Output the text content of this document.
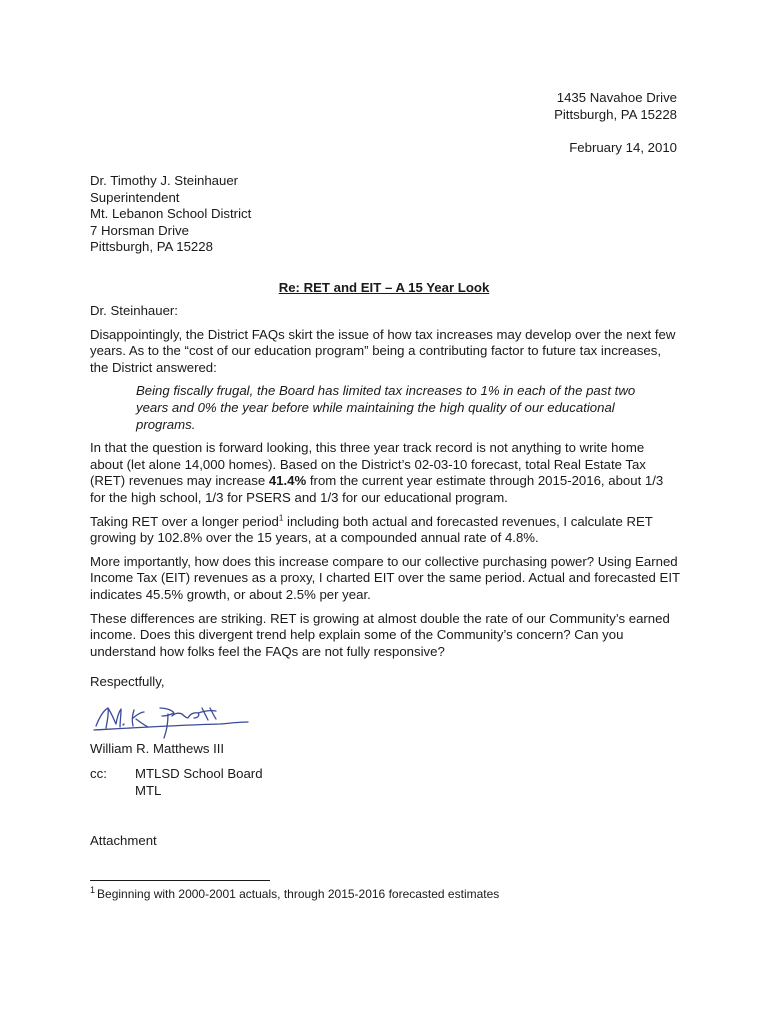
1435 Navahoe Drive
Pittsburgh, PA 15228
February 14, 2010
Dr. Timothy J. Steinhauer
Superintendent
Mt. Lebanon School District
7 Horsman Drive
Pittsburgh, PA 15228
Re: RET and EIT – A 15 Year Look

Dr. Steinhauer:

Disappointingly, the District FAQs skirt the issue of how tax increases may develop over the next few years. As to the “cost of our education program” being a contributing factor to future tax increases, the District answered:

Being fiscally frugal, the Board has limited tax increases to 1% in each of the past two years and 0% the year before while maintaining the high quality of our educational programs.

In that the question is forward looking, this three year track record is not anything to write home about (let alone 14,000 homes). Based on the District’s 02-03-10 forecast, total Real Estate Tax (RET) revenues may increase 41.4% from the current year estimate through 2015-2016, about 1/3 for the high school, 1/3 for PSERS and 1/3 for our educational program.

Taking RET over a longer period$^1$ including both actual and forecasted revenues, I calculate RET growing by 102.8% over the 15 years, at a compounded annual rate of 4.8%.

More importantly, how does this increase compare to our collective purchasing power? Using Earned Income Tax (EIT) revenues as a proxy, I charted EIT over the same period. Actual and forecasted EIT indicates 45.5% growth, or about 2.5% per year.

These differences are striking. RET is growing at almost double the rate of our Community’s earned income. Does this divergent trend help explain some of the Community’s concern? Can you understand how folks feel the FAQs are not fully responsive?

Respectfully,
William R. Matthews III
cc:	MTLSD School Board
MTL
Attachment
$^1$ Beginning with 2000-2001 actuals, through 2015-2016 forecasted estimates
